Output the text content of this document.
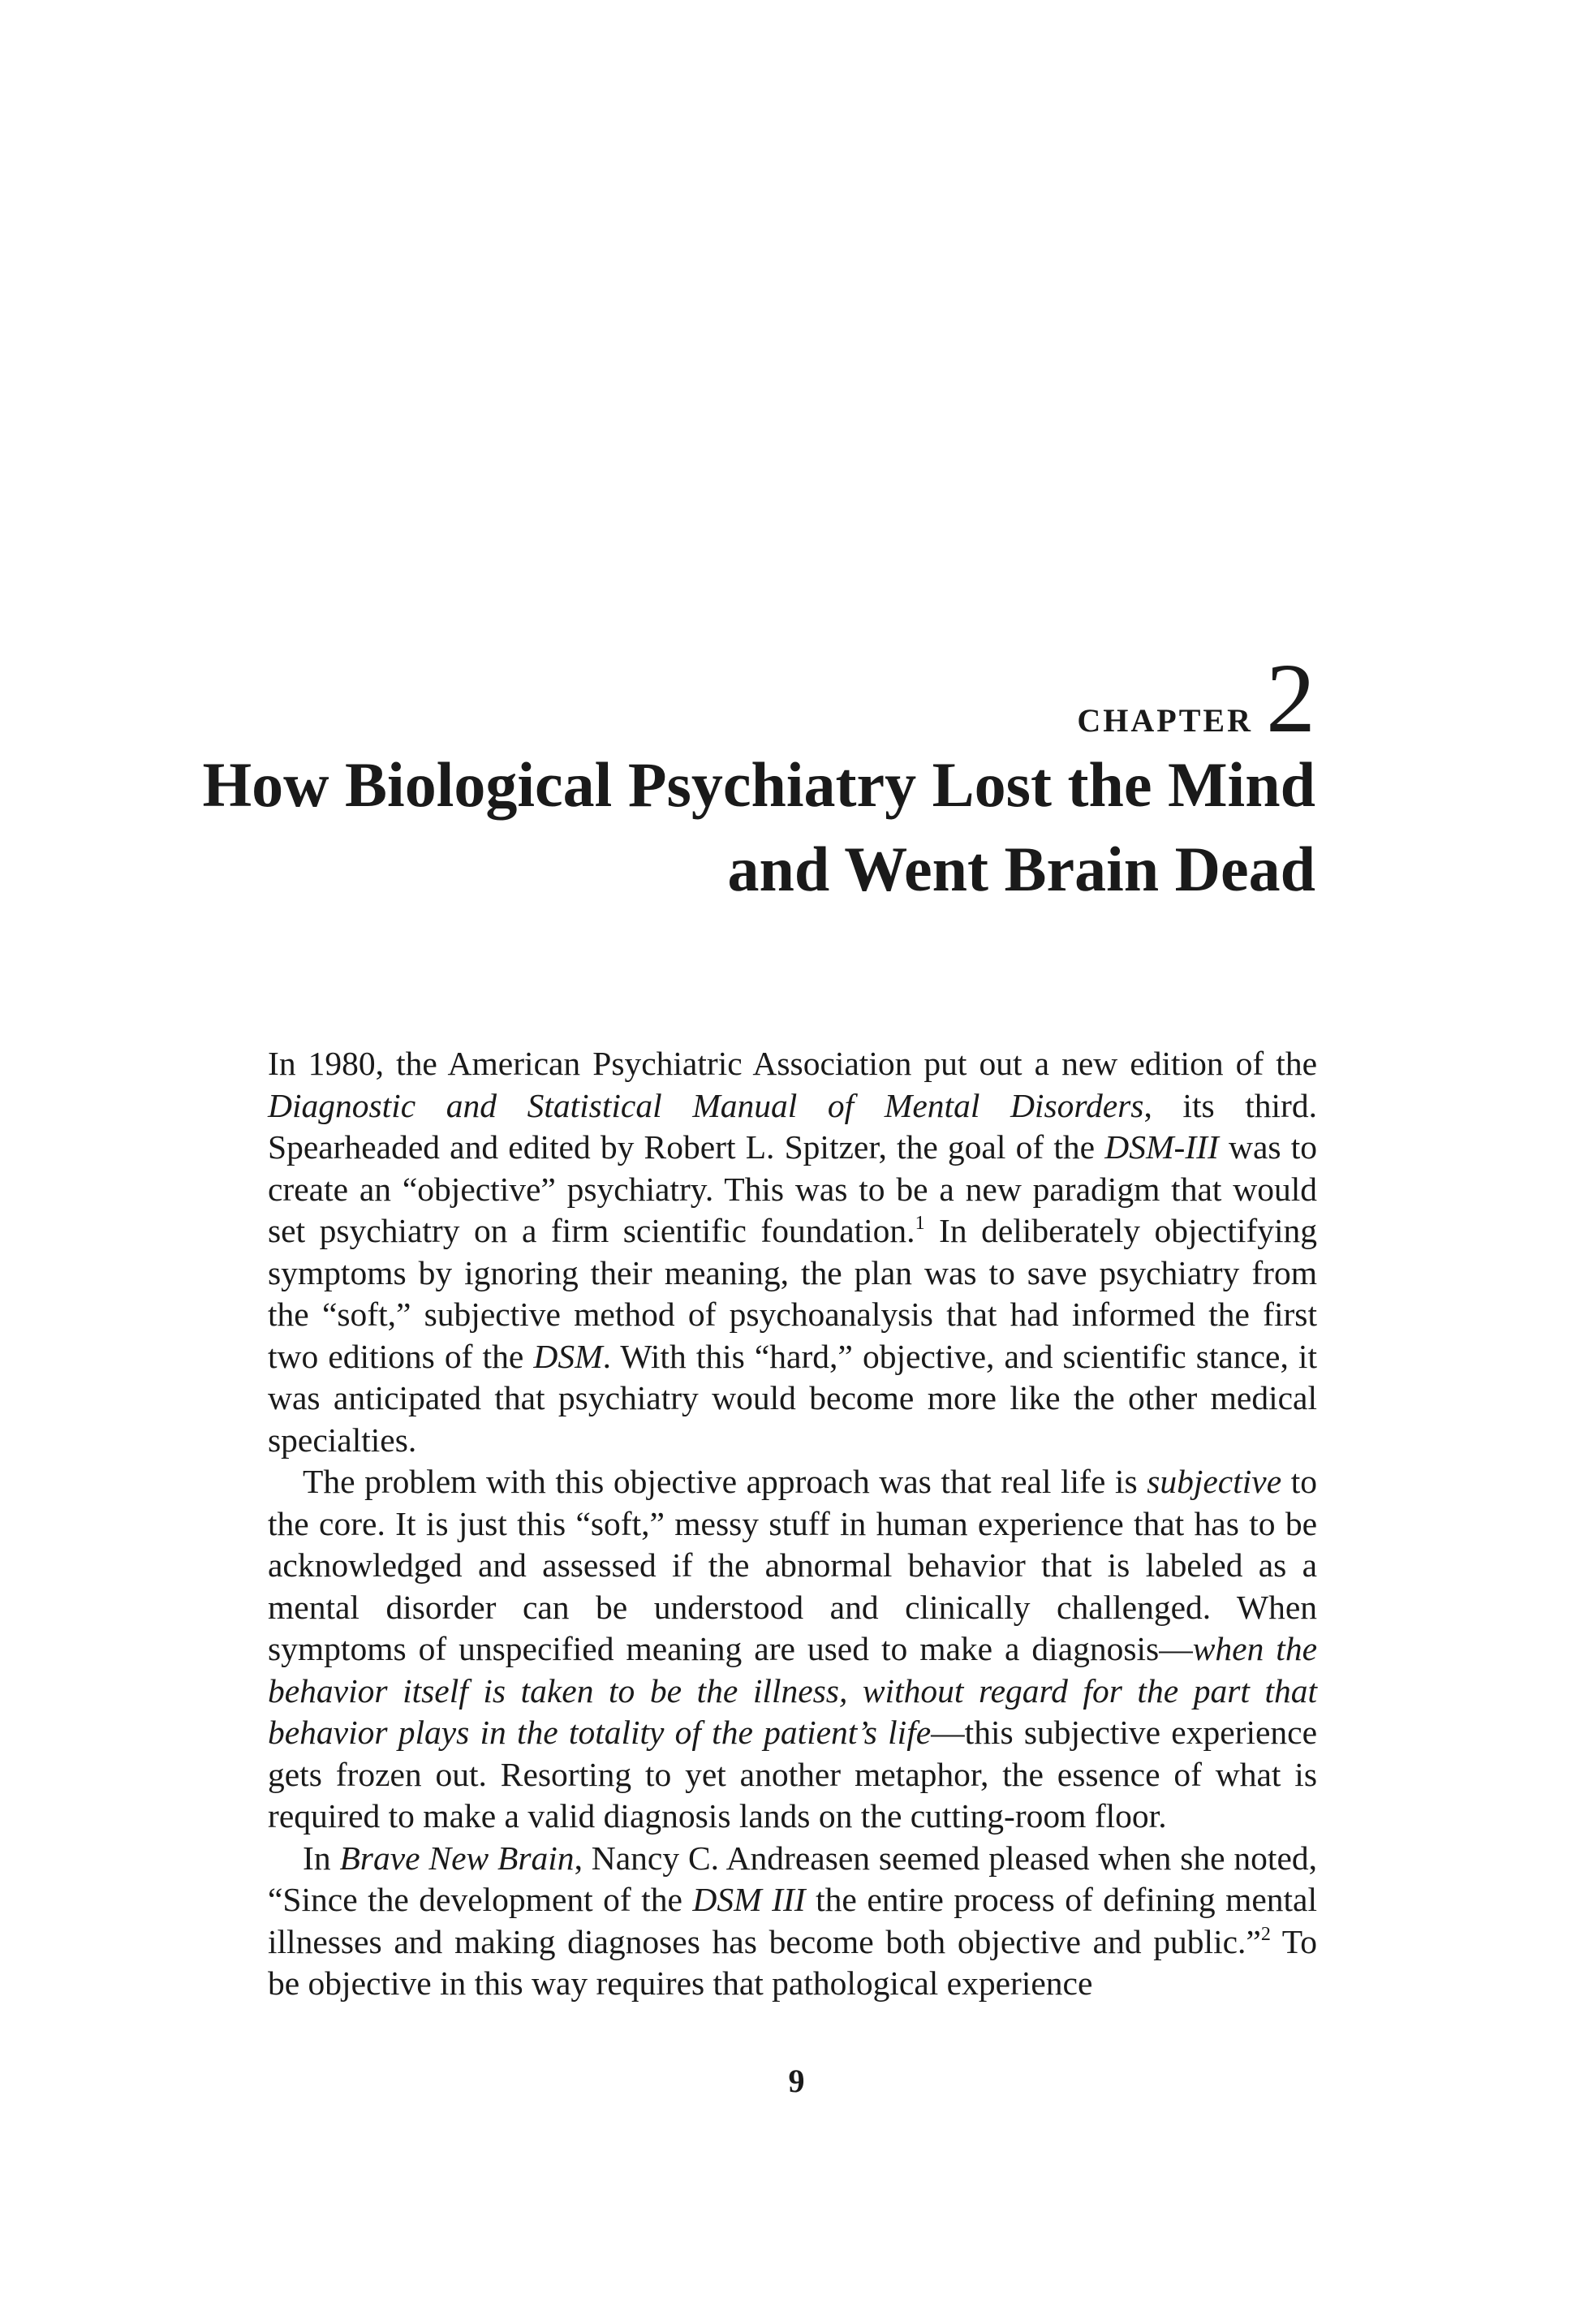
CHAPTER 2
How Biological Psychiatry Lost the Mind
and Went Brain Dead

In 1980, the American Psychiatric Association put out a new edition of the Diagnostic and Statistical Manual of Mental Disorders, its third. Spearheaded and edited by Robert L. Spitzer, the goal of the DSM-III was to create an “objective” psychiatry. This was to be a new paradigm that would set psychiatry on a firm scientific foundation.$^1$ In deliberately objectifying symptoms by ignoring their meaning, the plan was to save psychiatry from the “soft,” subjective method of psychoanalysis that had informed the first two editions of the DSM. With this “hard,” objective, and scientific stance, it was anticipated that psychiatry would become more like the other medical specialties.

The problem with this objective approach was that real life is subjective to the core. It is just this “soft,” messy stuff in human experience that has to be acknowledged and assessed if the abnormal behavior that is labeled as a mental disorder can be understood and clinically challenged. When symptoms of unspecified meaning are used to make a diagnosis—when the behavior itself is taken to be the illness, without regard for the part that behavior plays in the totality of the patient’s life—this subjective experience gets frozen out. Resorting to yet another metaphor, the essence of what is required to make a valid diagnosis lands on the cutting-room floor.

In Brave New Brain, Nancy C. Andreasen seemed pleased when she noted, “Since the development of the DSM III the entire process of defining mental illnesses and making diagnoses has become both objective and public.”$^2$ To be objective in this way requires that pathological experience

9
